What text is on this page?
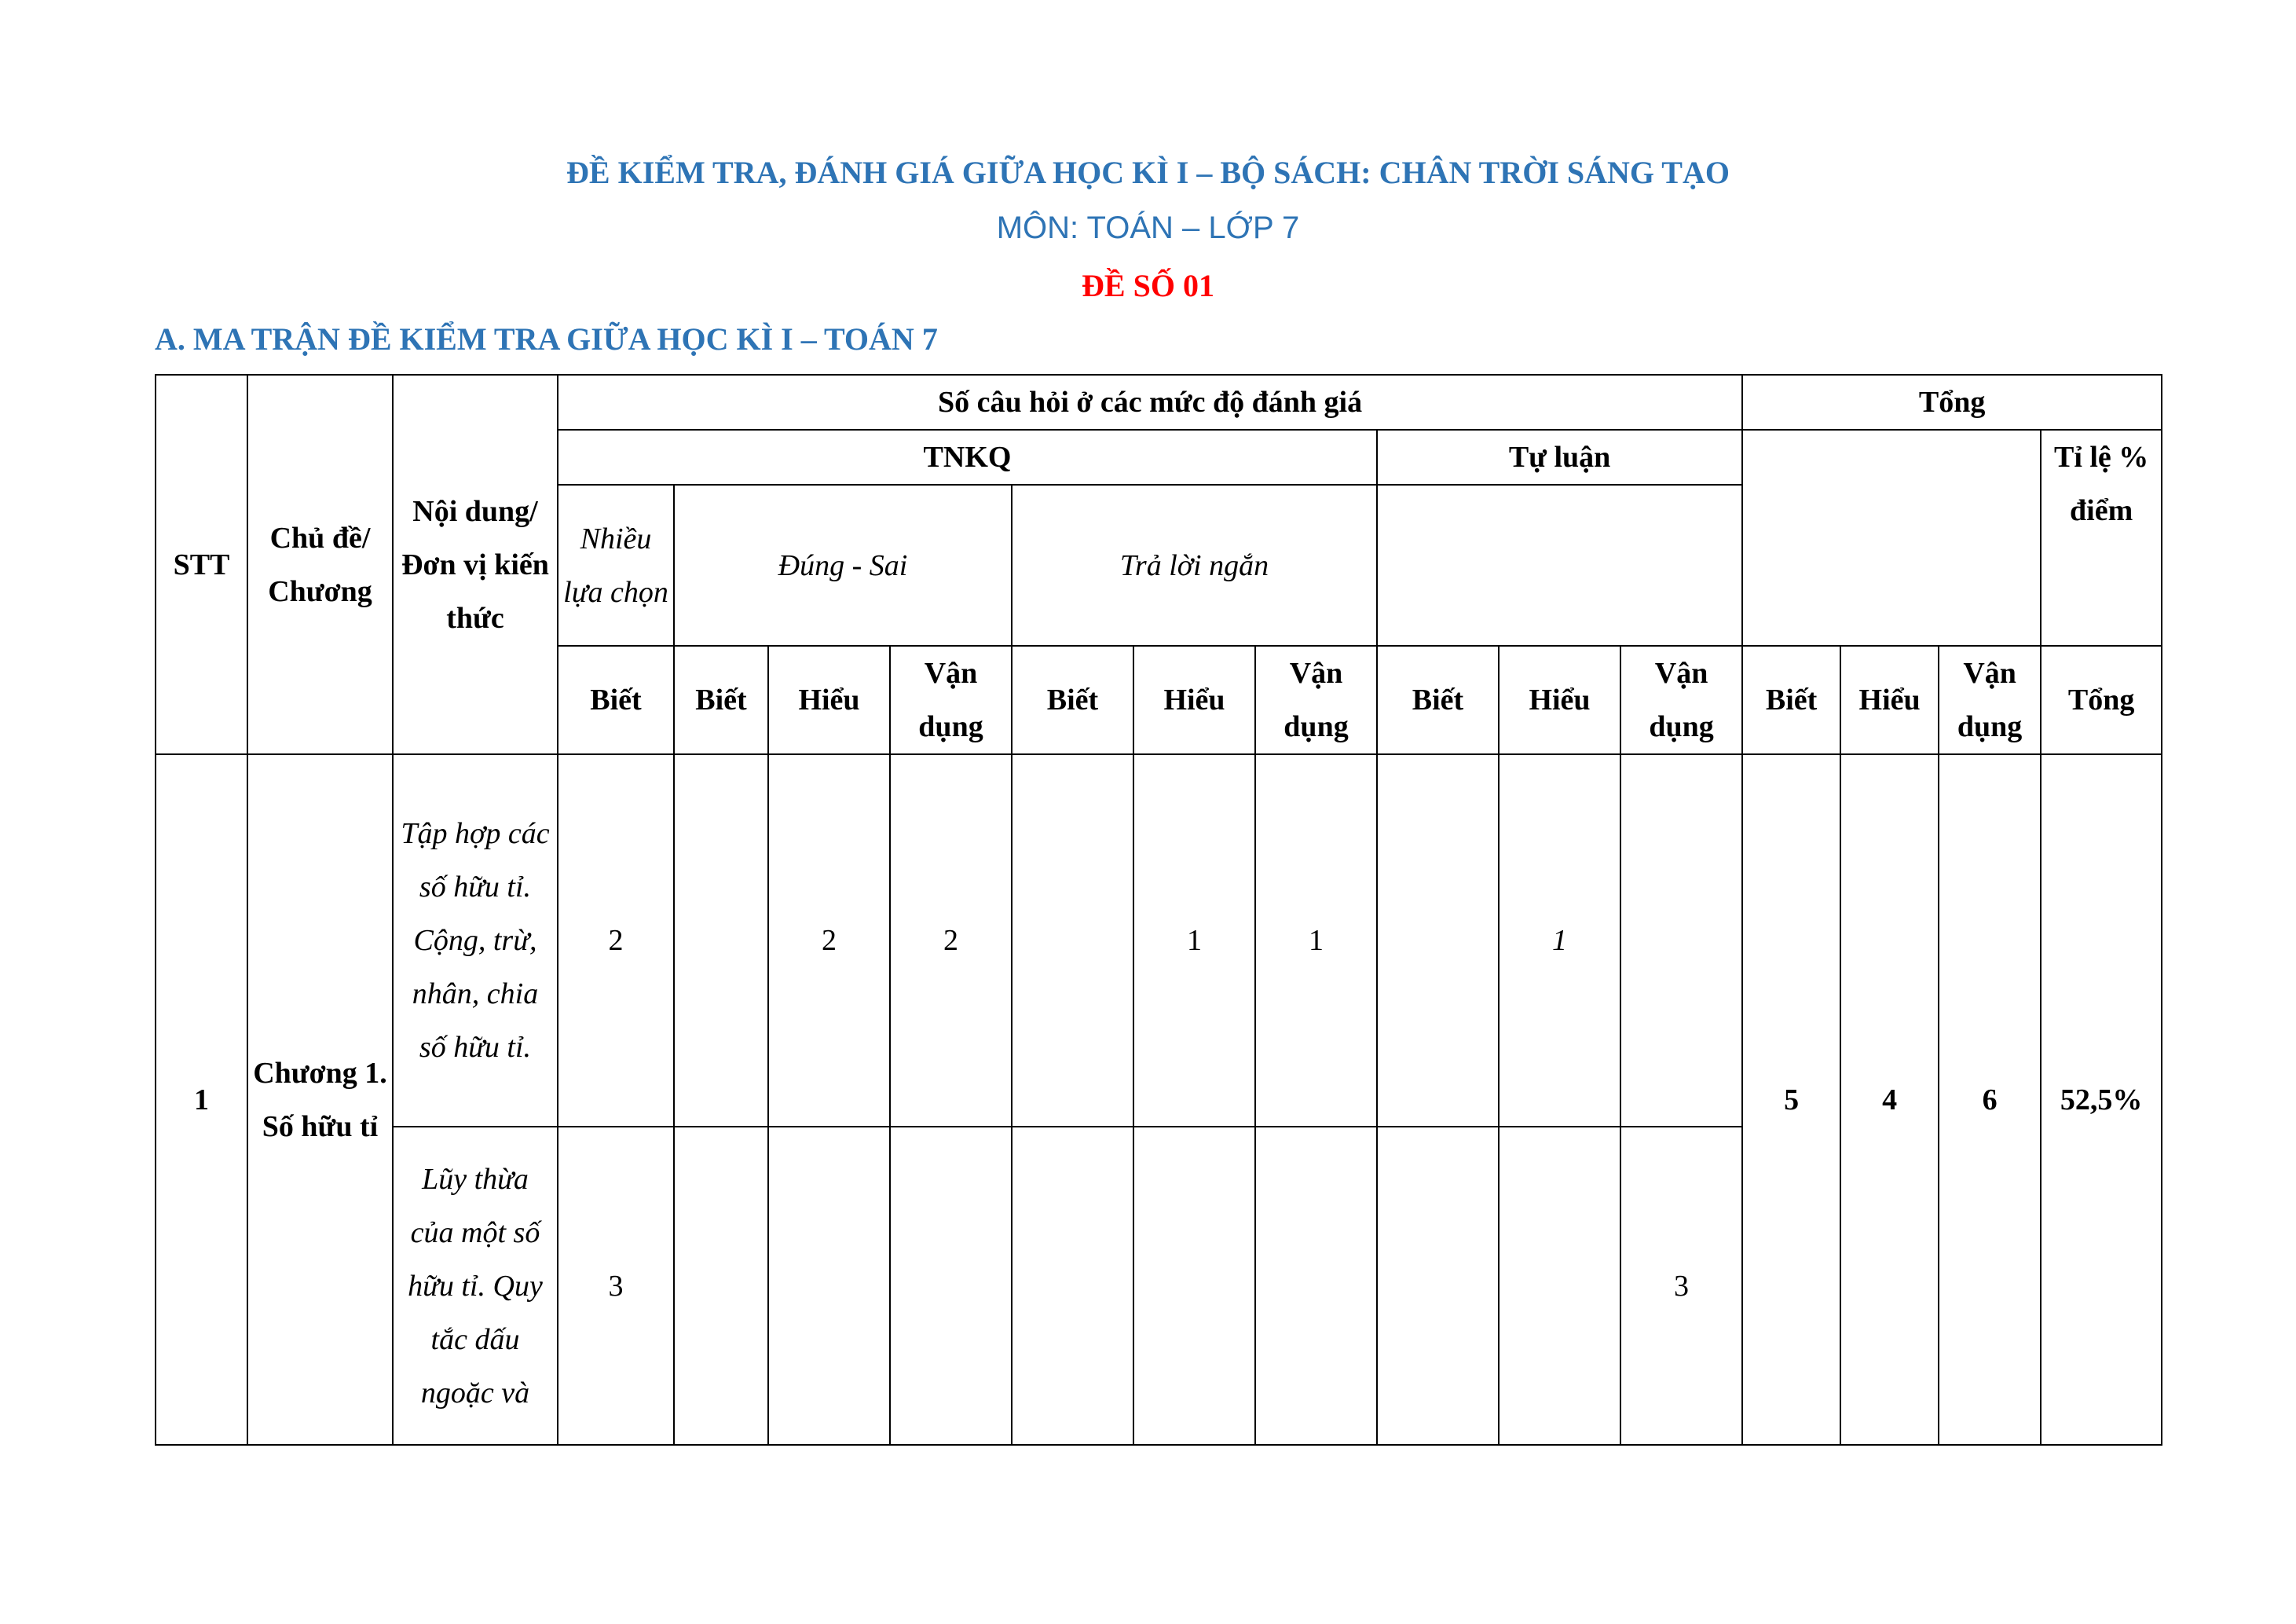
ĐỀ KIỂM TRA, ĐÁNH GIÁ GIỮA HỌC KÌ I – BỘ SÁCH: CHÂN TRỜI SÁNG TẠO
MÔN: TOÁN – LỚP 7
ĐỀ SỐ 01
A. MA TRẬN ĐỀ KIỂM TRA GIỮA HỌC KÌ I – TOÁN 7
STT	Chủ đề/ Chương	Nội dung/ Đơn vị kiến thức	Số câu hỏi ở các mức độ đánh giá										Tổng			
			TNKQ							Tự luận						Tỉ lệ % điểm
			Nhiều lựa chọn	Đúng - Sai			Trả lời ngắn									
			Biết	Biết	Hiểu	Vận dụng	Biết	Hiểu	Vận dụng	Biết	Hiểu	Vận dụng	Biết	Hiểu	Vận dụng	Tổng
1	Chương 1. Số hữu tỉ	Tập hợp các số hữu tỉ. Cộng, trừ, nhân, chia số hữu tỉ.	2		2	2		1	1		1		5	4	6	52,5%
		Lũy thừa của một số hữu tỉ. Quy tắc dấu ngoặc và	3									3				
